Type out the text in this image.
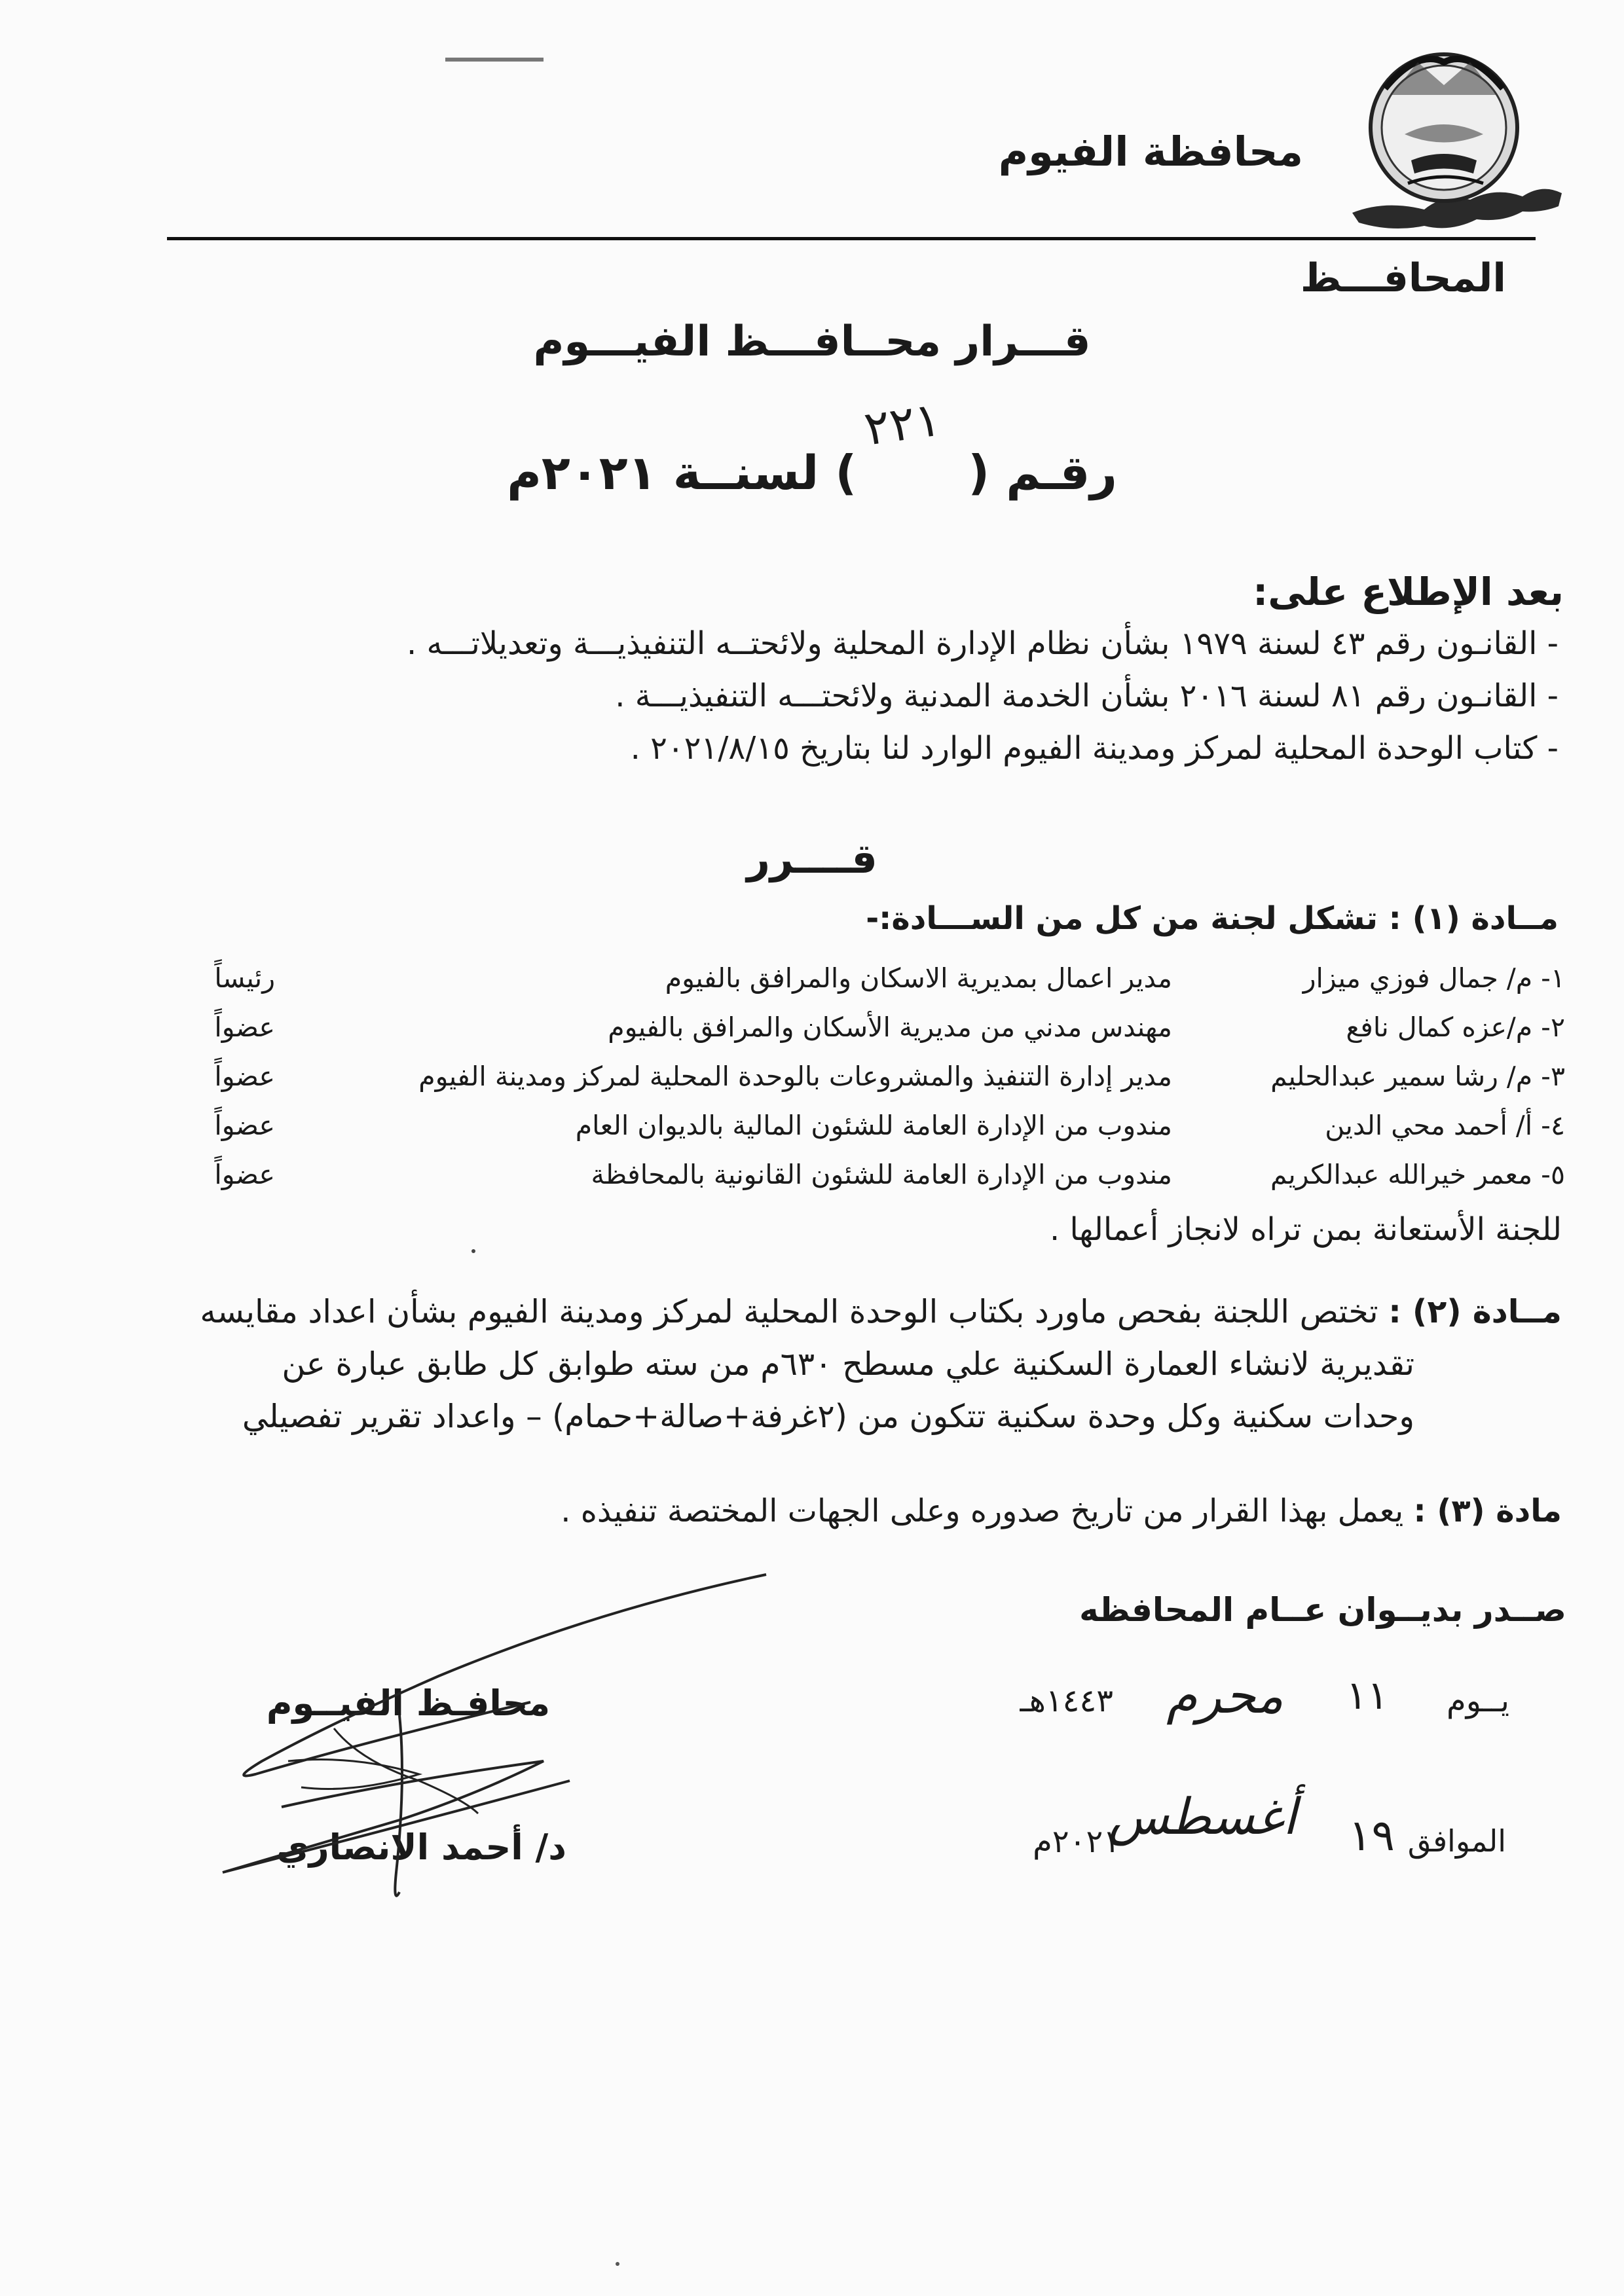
محافظة الفيوم
المحافـــظ
قـــرار محــافـــظ الفيـــوم
رقـم () لسنــة ٢٠٢١م
٢٢١
بعد الإطلاع على:
- القانـون رقم ٤٣ لسنة ١٩٧٩ بشأن نظام الإدارة المحلية ولائحتــه التنفيذيـــة وتعديلاتـــه .
- القانـون رقم ٨١ لسنة ٢٠١٦ بشأن الخدمة المدنية ولائحتـــه التنفيذيـــة .
- كتاب الوحدة المحلية لمركز ومدينة الفيوم الوارد لنا بتاريخ ٢٠٢١/٨/١٥ .
قــــرر
مــادة (١) : تشكل لجنة من كل من الســـادة:-
١- م/ جمال فوزي ميزار
مدير اعمال بمديرية الاسكان والمرافق بالفيوم
رئيساً
٢- م/عزه كمال نافع
مهندس مدني من مديرية الأسكان والمرافق بالفيوم
عضواً
٣- م/ رشا سمير عبدالحليم
مدير إدارة التنفيذ والمشروعات بالوحدة المحلية لمركز ومدينة الفيوم
عضواً
٤- أ/ أحمد محي الدين
مندوب من الإدارة العامة للشئون المالية بالديوان العام
عضواً
٥- معمر خيرالله عبدالكريم
مندوب من الإدارة العامة للشئون القانونية بالمحافظة
عضواً
للجنة الأستعانة بمن تراه لانجاز أعمالها .
مــادة (٢) : تختص اللجنة بفحص ماورد بكتاب الوحدة المحلية لمركز ومدينة الفيوم بشأن اعداد مقايسه
تقديرية لانشاء العمارة السكنية علي مسطح ٦٣٠م من سته طوابق كل طابق عبارة عن
وحدات سكنية وكل وحدة سكنية تتكون من (٢غرفة+صالة+حمام) – واعداد تقرير تفصيلي
مادة (٣) : يعمل بهذا القرار من تاريخ صدوره وعلى الجهات المختصة تنفيذه .
صــدر بديــوان عــام المحافظه
يــوم
١١
محرم
١٤٤٣هـ
الموافق
١٩
أغسطس
٢٠٢١م
محافـظ الفيــوم
د/ أحمد الانصاري
